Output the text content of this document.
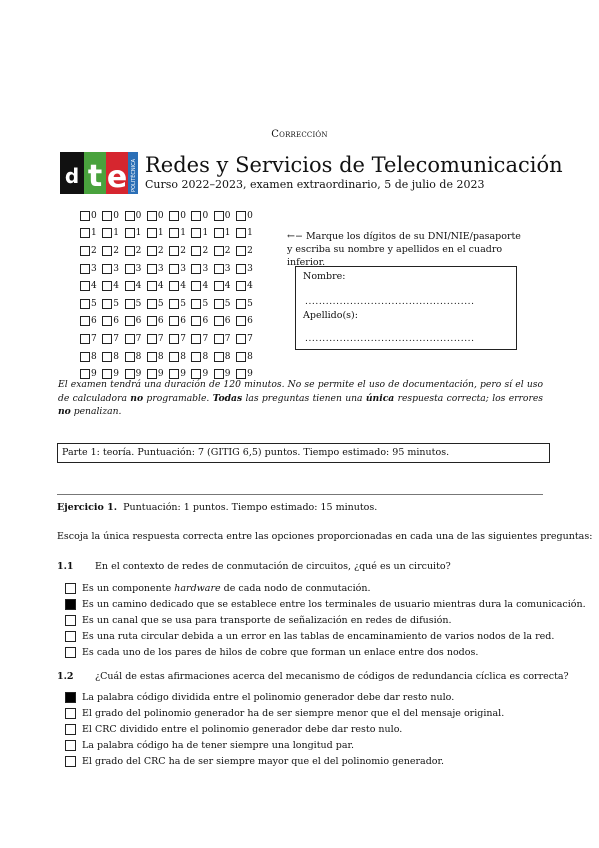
Corrección
d t e POLITÉCNICA Redes y Servicios de Telecomunicación
Curso 2022–2023, examen extraordinario, 5 de julio de 2023
0 0 0 0 0 0 0 0
1 1 1 1 1 1 1 1
2 2 2 2 2 2 2 2
3 3 3 3 3 3 3 3
4 4 4 4 4 4 4 4
5 5 5 5 5 5 5 5
6 6 6 6 6 6 6 6
7 7 7 7 7 7 7 7
8 8 8 8 8 8 8 8
9 9 9 9 9 9 9 9
←− Marque los dígitos de su DNI/NIE/pasaporte y escriba su nombre y apellidos en el cuadro inferior.
Nombre:
.................................................
Apellido(s):
.................................................
El examen tendrá una duración de 120 minutos. No se permite el uso de documentación, pero sí el uso de calculadora no programable. Todas las preguntas tienen una única respuesta correcta; los errores no penalizan.
Parte 1: teoría. Puntuación: 7 (GITIG 6,5) puntos. Tiempo estimado: 95 minutos.
Ejercicio 1. Puntuación: 1 puntos. Tiempo estimado: 15 minutos.
Escoja la única respuesta correcta entre las opciones proporcionadas en cada una de las siguientes preguntas:
1.1 En el contexto de redes de conmutación de circuitos, ¿qué es un circuito?
Es un componente hardware de cada nodo de conmutación.
Es un camino dedicado que se establece entre los terminales de usuario mientras dura la comunicación.
Es un canal que se usa para transporte de señalización en redes de difusión.
Es una ruta circular debida a un error en las tablas de encaminamiento de varios nodos de la red.
Es cada uno de los pares de hilos de cobre que forman un enlace entre dos nodos.
1.2 ¿Cuál de estas afirmaciones acerca del mecanismo de códigos de redundancia cíclica es correcta?
La palabra código dividida entre el polinomio generador debe dar resto nulo.
El grado del polinomio generador ha de ser siempre menor que el del mensaje original.
El CRC dividido entre el polinomio generador debe dar resto nulo.
La palabra código ha de tener siempre una longitud par.
El grado del CRC ha de ser siempre mayor que el del polinomio generador.
